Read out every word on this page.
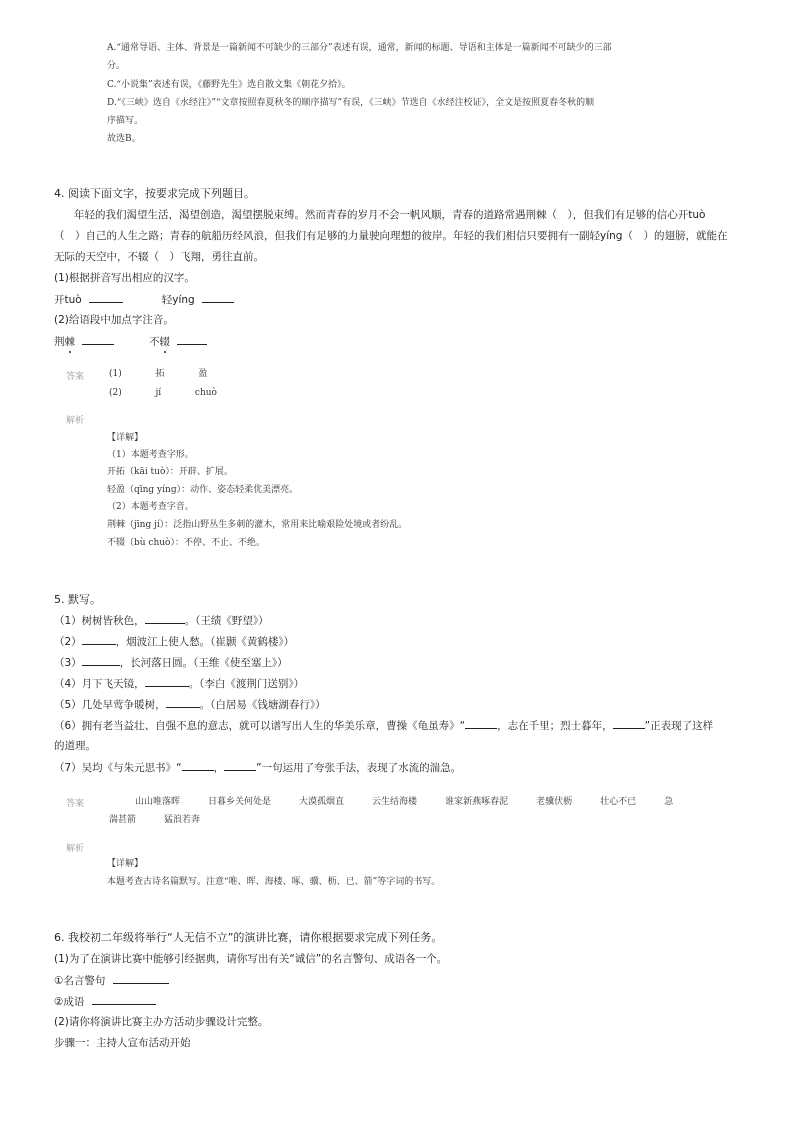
A.“通常导语、主体、背景是一篇新闻不可缺少的三部分”表述有误，通常，新闻的标题、导语和主体是一篇新闻不可缺少的三部
分。
C.“小说集”表述有误，《藤野先生》选自散文集《朝花夕拾》。
D.“《三峡》选自《水经注》”“文章按照春夏秋冬的顺序描写”有误，《三峡》节选自《水经注校证》，全文是按照夏春冬秋的顺
序描写。
故选B。
4. 阅读下面文字，按要求完成下列题目。
年轻的我们渴望生活，渴望创造，渴望摆脱束缚。然而青春的岁月不会一帆风顺，青春的道路常遇荆棘（　），但我们有足够的信心开tuò
（　）自己的人生之路；青春的航船历经风浪，但我们有足够的力量驶向理想的彼岸。年轻的我们相信只要拥有一副轻yíng（　）的翅膀，就能在
无际的天空中，不辍（　）飞翔，勇往直前。
(1)根据拼音写出相应的汉字。
开tuò	轻yíng
(2)给语段中加点字注音。
荆棘	不辍
答案	(1)	拓	盈
(2)	jí	chuò
解析
【详解】
（1）本题考查字形。
开拓（kāi tuò）：开辟、扩展。
轻盈（qīng yíng）：动作、姿态轻柔优美漂亮。
（2）本题考查字音。
荆棘（jīng jí）：泛指山野丛生多刺的灌木，常用来比喻艰险处境或者纷乱。
不辍（bù chuò）：不停、不止、不绝。
5. 默写。
（1）树树皆秋色，	。（王绩《野望》）
（2）	，烟波江上使人愁。（崔颢《黄鹤楼》）
（3）	，长河落日圆。（王维《使至塞上》）
（4）月下飞天镜，	。（李白《渡荆门送别》）
（5）几处早莺争暖树，	。（白居易《钱塘湖春行》）
（6）拥有老当益壮、自强不息的意志，就可以谱写出人生的华美乐章，曹操《龟虽寿》“	，志在千里；烈士暮年，	”正表现了这样
的道理。
（7）吴均《与朱元思书》“	，	”一句运用了夸张手法，表现了水流的湍急。
答案	山山唯落晖	日暮乡关何处是	大漠孤烟直	云生结海楼	谁家新燕啄春泥	老骥伏枥	壮心不已	急
湍甚箭	猛浪若奔
解析
【详解】
本题考查古诗名篇默写。注意“唯、晖、海楼、啄、骥、枥、已、箭”等字词的书写。
6. 我校初二年级将举行“人无信不立”的演讲比赛，请你根据要求完成下列任务。
(1)为了在演讲比赛中能够引经据典，请你写出有关“诚信”的名言警句、成语各一个。
①名言警句
②成语
(2)请你将演讲比赛主办方活动步骤设计完整。
步骤一：主持人宣布活动开始
